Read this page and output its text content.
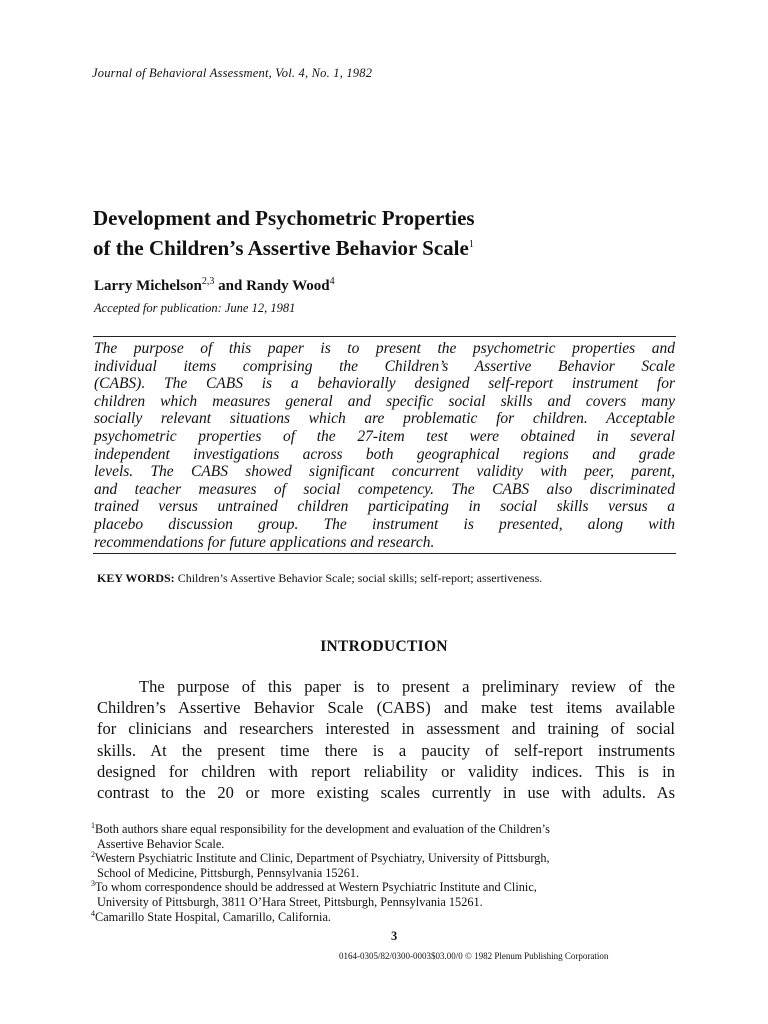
Journal of Behavioral Assessment, Vol. 4, No. 1, 1982
Development and Psychometric Properties
of the Children’s Assertive Behavior Scale$^1$
Larry Michelson$^{2,3}$ and Randy Wood$^4$
Accepted for publication: June 12, 1981
The purpose of this paper is to present the psychometric properties and
individual items comprising the Children’s Assertive Behavior Scale
(CABS). The CABS is a behaviorally designed self-report instrument for
children which measures general and specific social skills and covers many
socially relevant situations which are problematic for children. Acceptable
psychometric properties of the 27-item test were obtained in several
independent investigations across both geographical regions and grade
levels. The CABS showed significant concurrent validity with peer, parent,
and teacher measures of social competency. The CABS also discriminated
trained versus untrained children participating in social skills versus a
placebo discussion group. The instrument is presented, along with
recommendations for future applications and research.
KEY WORDS: Children’s Assertive Behavior Scale; social skills; self-report; assertiveness.
INTRODUCTION
The purpose of this paper is to present a preliminary review of the
Children’s Assertive Behavior Scale (CABS) and make test items available
for clinicians and researchers interested in assessment and training of social
skills. At the present time there is a paucity of self-report instruments
designed for children with report reliability or validity indices. This is in
contrast to the 20 or more existing scales currently in use with adults. As
$^1$Both authors share equal responsibility for the development and evaluation of the Children’s
Assertive Behavior Scale.
$^2$Western Psychiatric Institute and Clinic, Department of Psychiatry, University of Pittsburgh,
School of Medicine, Pittsburgh, Pennsylvania 15261.
$^3$To whom correspondence should be addressed at Western Psychiatric Institute and Clinic,
University of Pittsburgh, 3811 O’Hara Street, Pittsburgh, Pennsylvania 15261.
$^4$Camarillo State Hospital, Camarillo, California.
3
0164-0305/82/0300-0003$03.00/0 © 1982 Plenum Publishing Corporation
